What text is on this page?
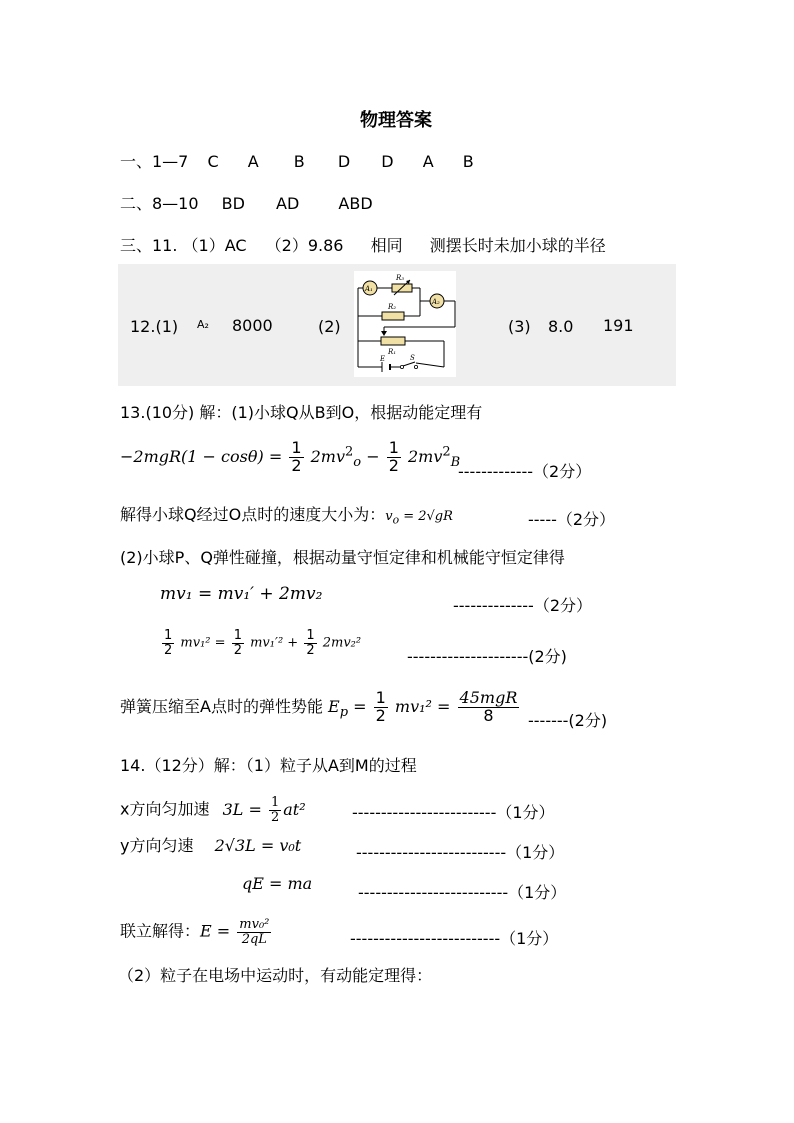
物理答案
一、1—7 C A B D D A B
二、8—10 BD AD ABD
三、11. （1）AC （2）9.86 相同 测摆长时未加小球的半径
12.(1) A₂ 8000	(2)
A₁
A₂
R₃
R₂
R₁
E	S
(3) 8.0 191
13.(10分) 解：(1)小球Q从B到O，根据动能定理有
$-2mgR(1 - \cos\theta) = \frac{1}{2} 2mv^2_o - \frac{1}{2} 2mv^2_B$
-------------（2分）
解得小球Q经过O点时的速度大小为：$v_o = 2√gR$	-----（2分）
(2)小球P、Q弹性碰撞，根据动量守恒定律和机械能守恒定律得
mv₁ = mv₁′ + 2mv₂
--------------（2分）
$\frac{1}{2} mv_1^2 = \frac{1}{2} mv_1'^2 + \frac{1}{2} 2mv_2^2$
---------------------(2分)
弹簧压缩至A点时的弹性势能 $E_p = \frac{1}{2} mv_1^2 = \frac{\text{45mgR}}{8} -------(2$分)
14.（12分）解：（1）粒子从A到M的过程
x方向匀加速 $3L = \frac{1}{2} at^2$	-------------------------（1分）
y方向匀速 2√3L = v₀t	--------------------------（1分）
qE = ma	--------------------------（1分）
联立解得：$E = \frac{\text{mv₀²}}{2qL}$	--------------------------（1分）
（2）粒子在电场中运动时，有动能定理得：
